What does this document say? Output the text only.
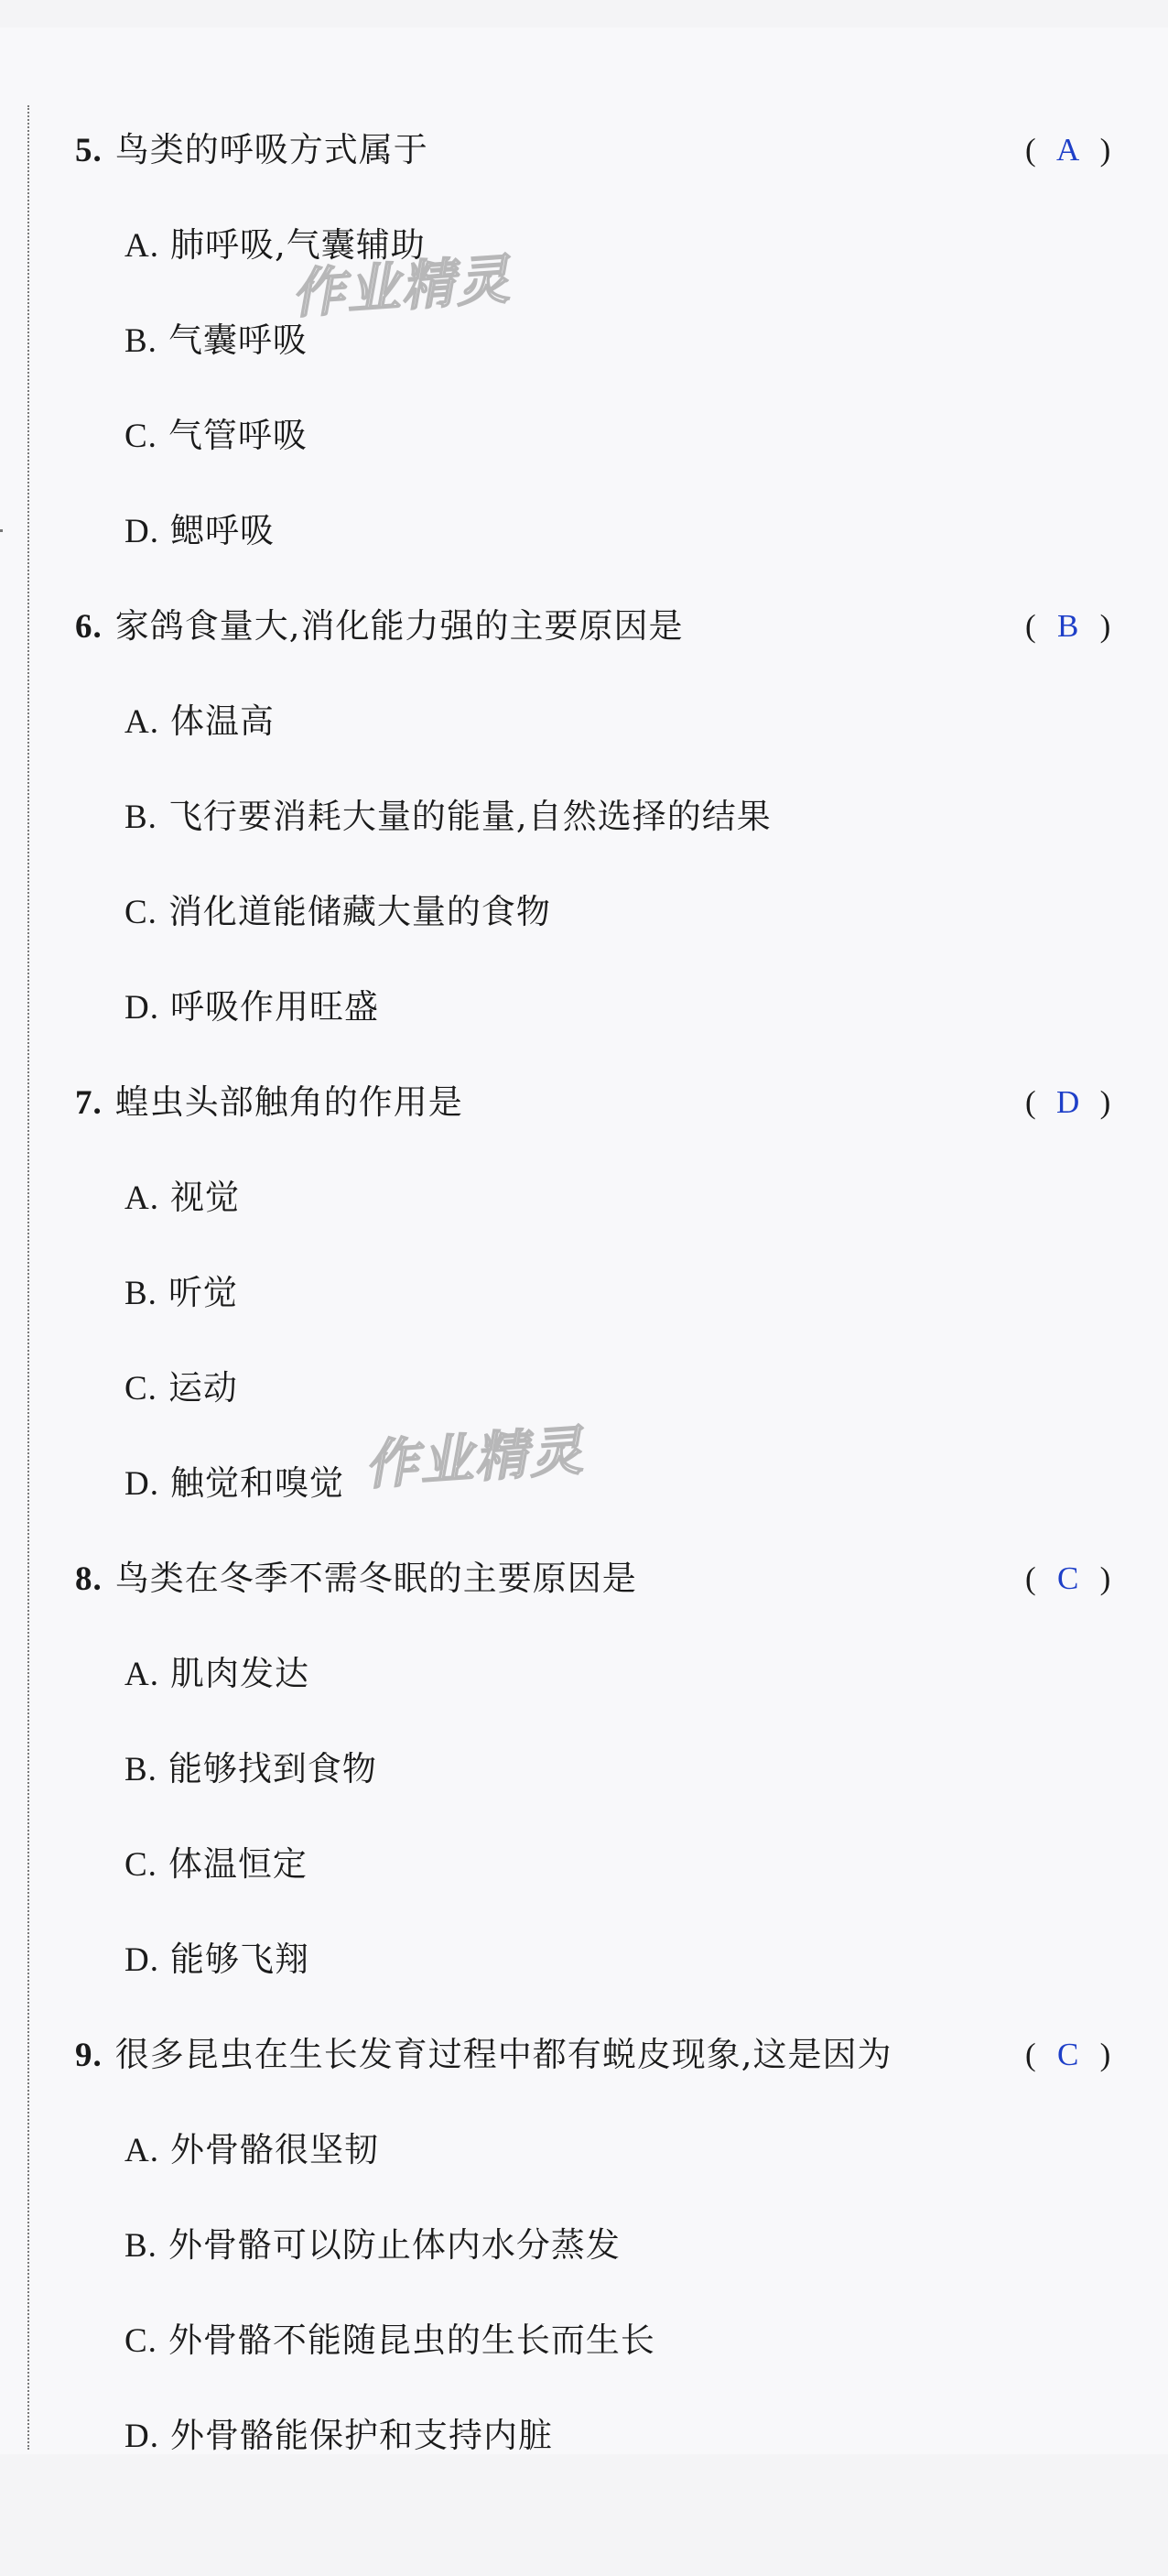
5. 鸟类的呼吸方式属于	( A )
A. 肺呼吸,气囊辅助
B. 气囊呼吸
C. 气管呼吸
D. 鳃呼吸
6. 家鸽食量大,消化能力强的主要原因是	( B )
A. 体温高
B. 飞行要消耗大量的能量,自然选择的结果
C. 消化道能储藏大量的食物
D. 呼吸作用旺盛
7. 蝗虫头部触角的作用是	( D )
A. 视觉
B. 听觉
C. 运动
D. 触觉和嗅觉
8. 鸟类在冬季不需冬眠的主要原因是	( C )
A. 肌肉发达
B. 能够找到食物
C. 体温恒定
D. 能够飞翔
9. 很多昆虫在生长发育过程中都有蜕皮现象,这是因为	( C )
A. 外骨骼很坚韧
B. 外骨骼可以防止体内水分蒸发
C. 外骨骼不能随昆虫的生长而生长
D. 外骨骼能保护和支持内脏
作业精灵
作业精灵
